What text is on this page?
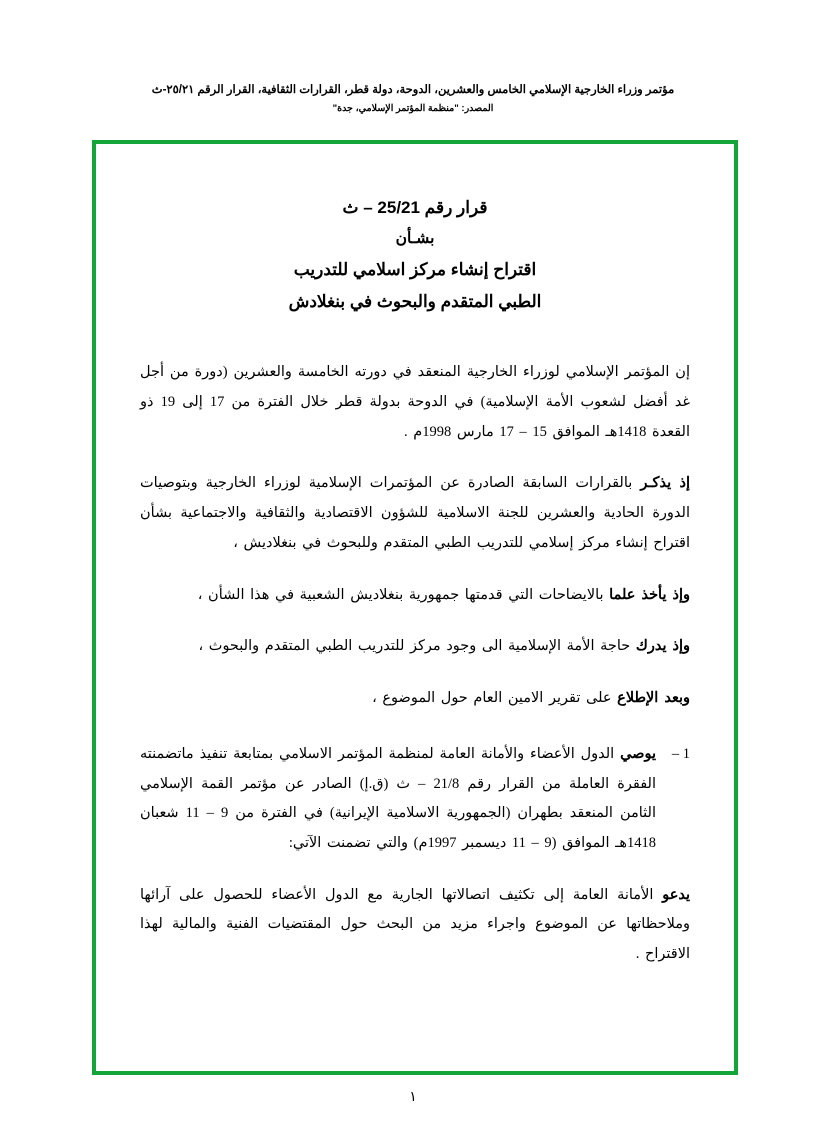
مؤتمر وزراء الخارجية الإسلامي الخامس والعشرين، الدوحة، دولة قطر، القرارات الثقافية، القرار الرقم ٢٥/٢١-ث
المصدر: "منظمة المؤتمر الإسلامي، جدة"
قرار رقم 25/21 – ث
بشـأن
اقتراح إنشاء مركز اسلامي للتدريب
الطبي المتقدم والبحوث في بنغلادش

إن المؤتمر الإسلامي لوزراء الخارجية المنعقد في دورته الخامسة والعشرين (دورة من أجل غد أفضل لشعوب الأمة الإسلامية) في الدوحة بدولة قطر خلال الفترة من 17 إلى 19 ذو القعدة 1418هـ الموافق 15 – 17 مارس 1998م .

إذ يذكـر بالقرارات السابقة الصادرة عن المؤتمرات الإسلامية لوزراء الخارجية وبتوصيات الدورة الحادية والعشرين للجنة الاسلامية للشؤون الاقتصادية والثقافية والاجتماعية بشأن اقتراح إنشاء مركز إسلامي للتدريب الطبي المتقدم وللبحوث في بنغلاديش ،

وإذ يأخذ علما بالايضاحات التي قدمتها جمهورية بنغلاديش الشعبية في هذا الشأن ،

وإذ يدرك حاجة الأمة الإسلامية الى وجود مركز للتدريب الطبي المتقدم والبحوث ،

وبعد الإطلاع على تقرير الامين العام حول الموضوع ،

1 –

يوصي الدول الأعضاء والأمانة العامة لمنظمة المؤتمر الاسلامي بمتابعة تنفيذ ماتضمنته الفقرة العاملة من القرار رقم 21/8 – ث (ق.إ) الصادر عن مؤتمر القمة الإسلامي الثامن المنعقد بطهران (الجمهورية الاسلامية الإيرانية) في الفترة من 9 – 11 شعبان 1418هـ الموافق (9 – 11 ديسمبر 1997م) والتي تضمنت الآتي:

يدعو الأمانة العامة إلى تكثيف اتصالاتها الجارية مع الدول الأعضاء للحصول على آرائها وملاحظاتها عن الموضوع واجراء مزيد من البحث حول المقتضيات الفنية والمالية لهذا الاقتراح .

١
